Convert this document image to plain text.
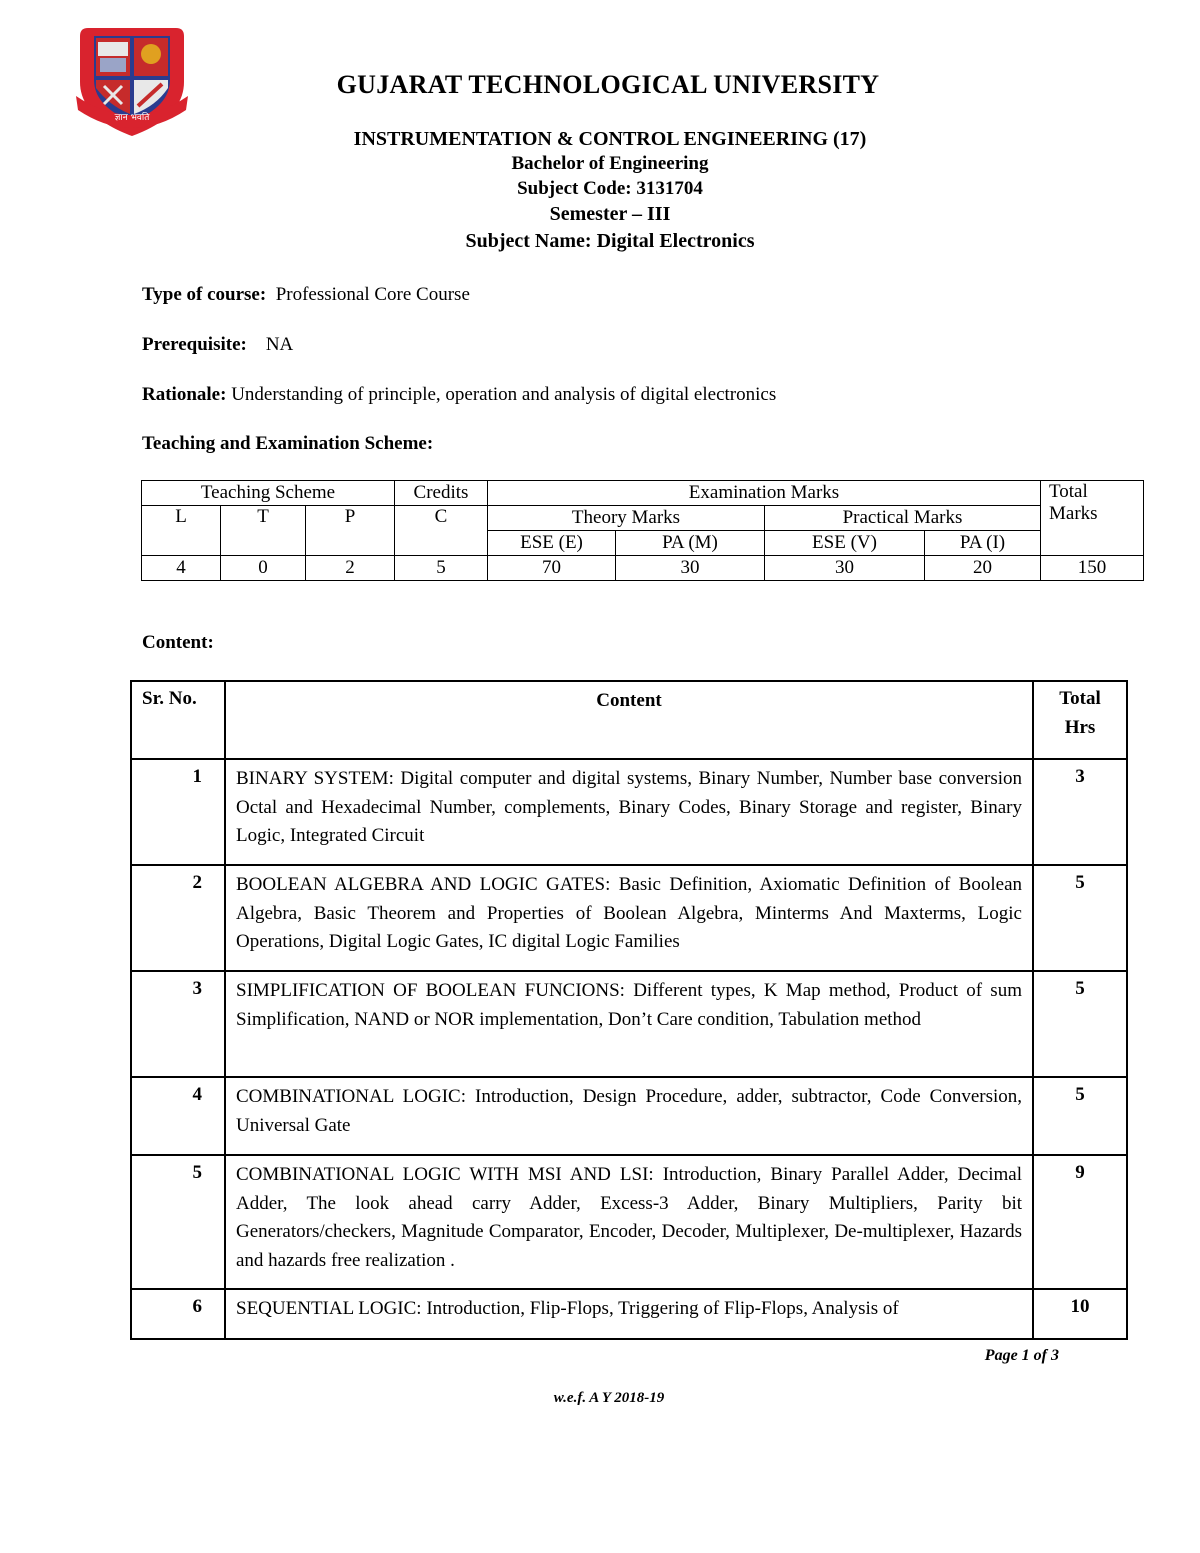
ज्ञान भवति
GUJARAT TECHNOLOGICAL UNIVERSITY
INSTRUMENTATION & CONTROL ENGINEERING (17)
Bachelor of Engineering
Subject Code: 3131704
Semester – III
Subject Name: Digital Electronics
Type of course: Professional Core Course
Prerequisite: NA
Rationale: Understanding of principle, operation and analysis of digital electronics
Teaching and Examination Scheme:
Teaching Scheme			Credits	Examination Marks				Total
Marks
L	T	P	C	Theory Marks		Practical Marks		
				ESE (E)	PA (M)	ESE (V)	PA (I)	
4	0	2	5	70	30	30	20	150
Content:
Sr. No.	Content	Total
Hrs
1	BINARY SYSTEM: Digital computer and digital systems, Binary Number, Number base conversion Octal and Hexadecimal Number, complements, Binary Codes, Binary Storage and register, Binary Logic, Integrated Circuit	3
2	BOOLEAN ALGEBRA AND LOGIC GATES: Basic Definition, Axiomatic Definition of Boolean Algebra, Basic Theorem and Properties of Boolean Algebra, Minterms And Maxterms, Logic Operations, Digital Logic Gates, IC digital Logic Families	5
3	SIMPLIFICATION OF BOOLEAN FUNCIONS: Different types, K Map method, Product of sum Simplification, NAND or NOR implementation, Don’t Care condition, Tabulation method	5
4	COMBINATIONAL LOGIC: Introduction, Design Procedure, adder, subtractor, Code Conversion, Universal Gate	5
5	COMBINATIONAL LOGIC WITH MSI AND LSI: Introduction, Binary Parallel Adder, Decimal Adder, The look ahead carry Adder, Excess-3 Adder, Binary Multipliers, Parity bit Generators/checkers, Magnitude Comparator, Encoder, Decoder, Multiplexer, De-multiplexer, Hazards and hazards free realization .	9
6	SEQUENTIAL LOGIC: Introduction, Flip-Flops, Triggering of Flip-Flops, Analysis of	10
Page 1 of 3
w.e.f. A Y 2018-19
